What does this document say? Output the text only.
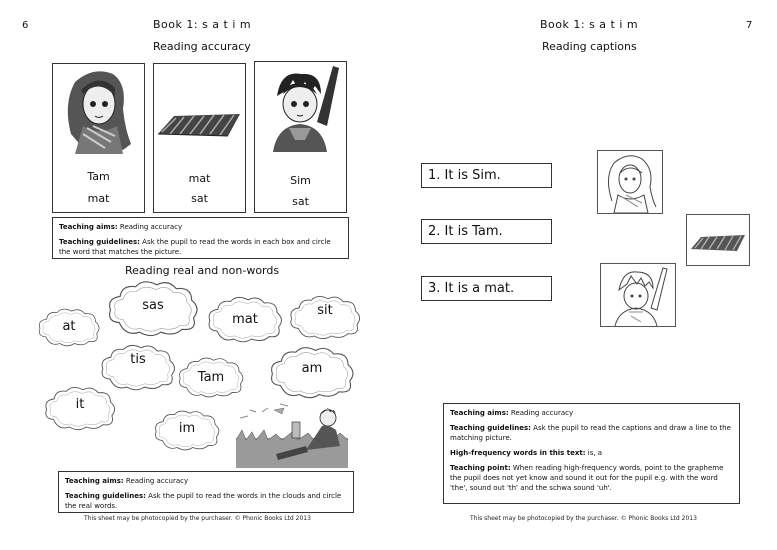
6	Book 1: s a t i m
Reading accuracy
Tam
mat
mat
sat
Sim
sat

Teaching aims: Reading accuracy

Teaching guidelines: Ask the pupil to read the words in each box and circle the word that matches the picture.

Reading real and non-words
sas
mat
sit
at
tis
Tam
am
it
im

Teaching aims: Reading accuracy

Teaching guidelines: Ask the pupil to read the words in the clouds and circle the real words.

This sheet may be photocopied by the purchaser. © Phonic Books Ltd 2013
Book 1: s a t i m	7
Reading captions
1. It is Sim.
2. It is Tam.
3. It is a mat.

Teaching aims: Reading accuracy

Teaching guidelines: Ask the pupil to read the captions and draw a line to the matching picture.

High-frequency words in this text: is, a

Teaching point: When reading high-frequency words, point to the grapheme the pupil does not yet know and sound it out for the pupil e.g. with the word 'the', sound out 'th' and the schwa sound 'uh'.

This sheet may be photocopied by the purchaser. © Phonic Books Ltd 2013
